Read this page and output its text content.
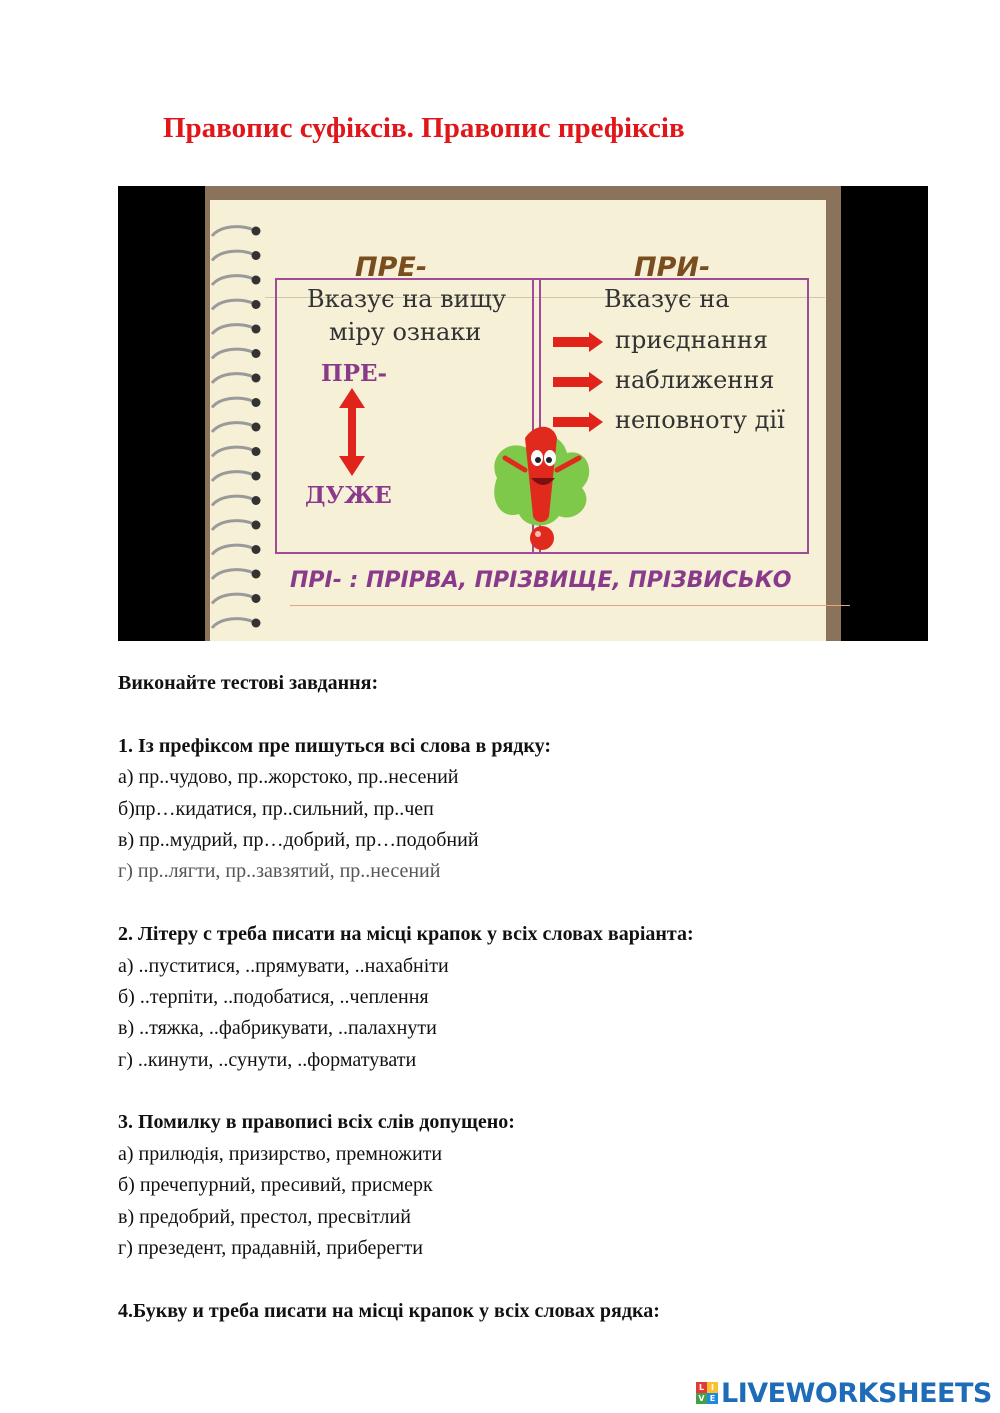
Правопис суфіксів. Правопис префіксів
ПРЕ-	ПРИ-
Вказує на вищу
міру ознаки
ПРЕ-
ДУЖЕ
Вказує на
приєднання
наближення
неповноту дії
ПРІ- : ПРІРВА, ПРІЗВИЩЕ, ПРІЗВИСЬКО
Виконайте тестові завдання:
1. Із префіксом пре пишуться всі слова в рядку:
а) пр..чудово, пр..жорстоко, пр..несений
б)пр…кидатися, пр..сильний, пр..чеп
в) пр..мудрий, пр…добрий, пр…подобний
г) пр..лягти, пр..завзятий, пр..несений
2. Літеру с треба писати на місці крапок у всіх словах варіанта:
а) ..пуститися, ..прямувати, ..нахабніти
б) ..терпіти, ..подобатися, ..чеплення
в) ..тяжка, ..фабрикувати, ..палахнути
г) ..кинути, ..сунути, ..форматувати
3. Помилку в правописі всіх слів допущено:
а) прилюдія, призирство, премножити
б) пречепурний, пресивий, присмерк
в) предобрий, престол, пресвітлий
г) презедент, прадавній, приберегти
4.Букву и треба писати на місці крапок у всіх словах рядка:
L I
V E LIVEWORKSHEETS
